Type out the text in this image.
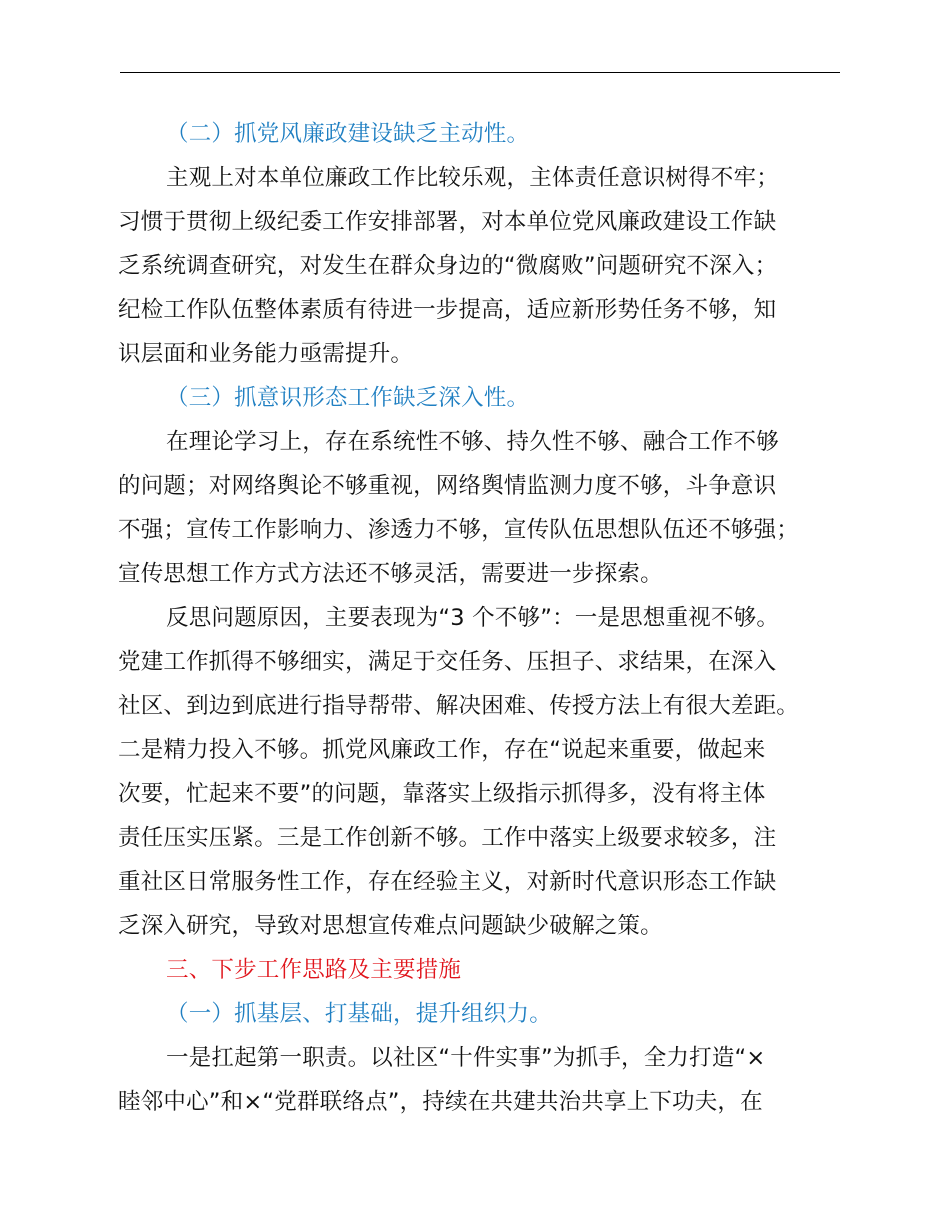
（二）抓党风廉政建设缺乏主动性。
主观上对本单位廉政工作比较乐观，主体责任意识树得不牢；
习惯于贯彻上级纪委工作安排部署，对本单位党风廉政建设工作缺
乏系统调查研究，对发生在群众身边的“微腐败”问题研究不深入；
纪检工作队伍整体素质有待进一步提高，适应新形势任务不够，知
识层面和业务能力亟需提升。
（三）抓意识形态工作缺乏深入性。
在理论学习上，存在系统性不够、持久性不够、融合工作不够
的问题；对网络舆论不够重视，网络舆情监测力度不够，斗争意识
不强；宣传工作影响力、渗透力不够，宣传队伍思想队伍还不够强；
宣传思想工作方式方法还不够灵活，需要进一步探索。
反思问题原因，主要表现为“3 个不够”：一是思想重视不够。
党建工作抓得不够细实，满足于交任务、压担子、求结果，在深入
社区、到边到底进行指导帮带、解决困难、传授方法上有很大差距。
二是精力投入不够。抓党风廉政工作，存在“说起来重要，做起来
次要，忙起来不要”的问题，靠落实上级指示抓得多，没有将主体
责任压实压紧。三是工作创新不够。工作中落实上级要求较多，注
重社区日常服务性工作，存在经验主义，对新时代意识形态工作缺
乏深入研究，导致对思想宣传难点问题缺少破解之策。
三、下步工作思路及主要措施
（一）抓基层、打基础，提升组织力。
一是扛起第一职责。以社区“十件实事”为抓手，全力打造“×
睦邻中心”和×“党群联络点”，持续在共建共治共享上下功夫，在
